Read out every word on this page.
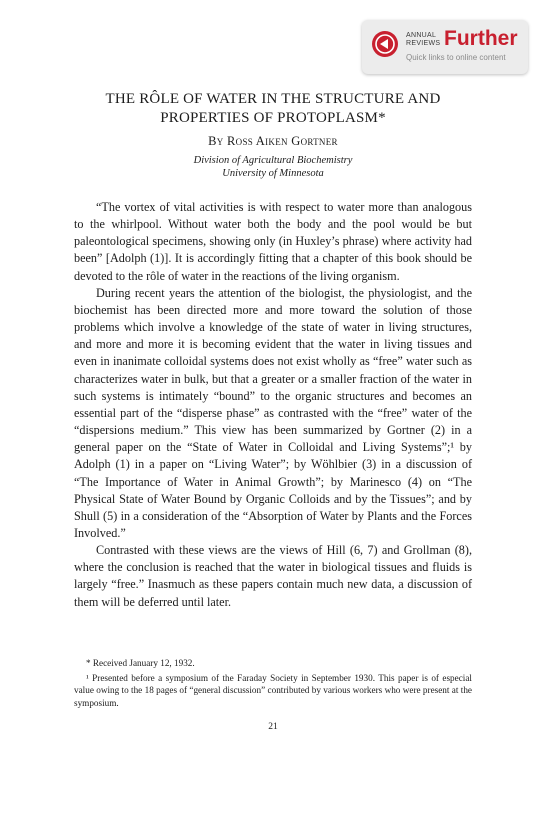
ANNUAL REVIEWS Further
Quick links to online content
THE RÔLE OF WATER IN THE STRUCTURE AND
PROPERTIES OF PROTOPLASM*
By Ross Aiken Gortner
Division of Agricultural Biochemistry
University of Minnesota

“The vortex of vital activities is with respect to water more than analogous to the whirlpool. Without water both the body and the pool would be but paleontological specimens, showing only (in Huxley’s phrase) where activity had been” [Adolph (1)]. It is accordingly fitting that a chapter of this book should be devoted to the rôle of water in the reactions of the living organism.

During recent years the attention of the biologist, the physiologist, and the biochemist has been directed more and more toward the solution of those problems which involve a knowledge of the state of water in living structures, and more and more it is becoming evident that the water in living tissues and even in inanimate colloidal systems does not exist wholly as “free” water such as characterizes water in bulk, but that a greater or a smaller fraction of the water in such systems is intimately “bound” to the organic structures and becomes an essential part of the “disperse phase” as contrasted with the “free” water of the “dispersions medium.” This view has been summarized by Gortner (2) in a general paper on the “State of Water in Colloidal and Living Systems”;¹ by Adolph (1) in a paper on “Living Water”; by Wöhlbier (3) in a discussion of “The Importance of Water in Animal Growth”; by Marinesco (4) on “The Physical State of Water Bound by Organic Colloids and by the Tissues”; and by Shull (5) in a consideration of the “Absorption of Water by Plants and the Forces Involved.”

Contrasted with these views are the views of Hill (6, 7) and Grollman (8), where the conclusion is reached that the water in biological tissues and fluids is largely “free.” Inasmuch as these papers contain much new data, a discussion of them will be deferred until later.

* Received January 12, 1932.

¹ Presented before a symposium of the Faraday Society in September 1930. This paper is of especial value owing to the 18 pages of “general discussion” contributed by various workers who were present at the symposium.

21
